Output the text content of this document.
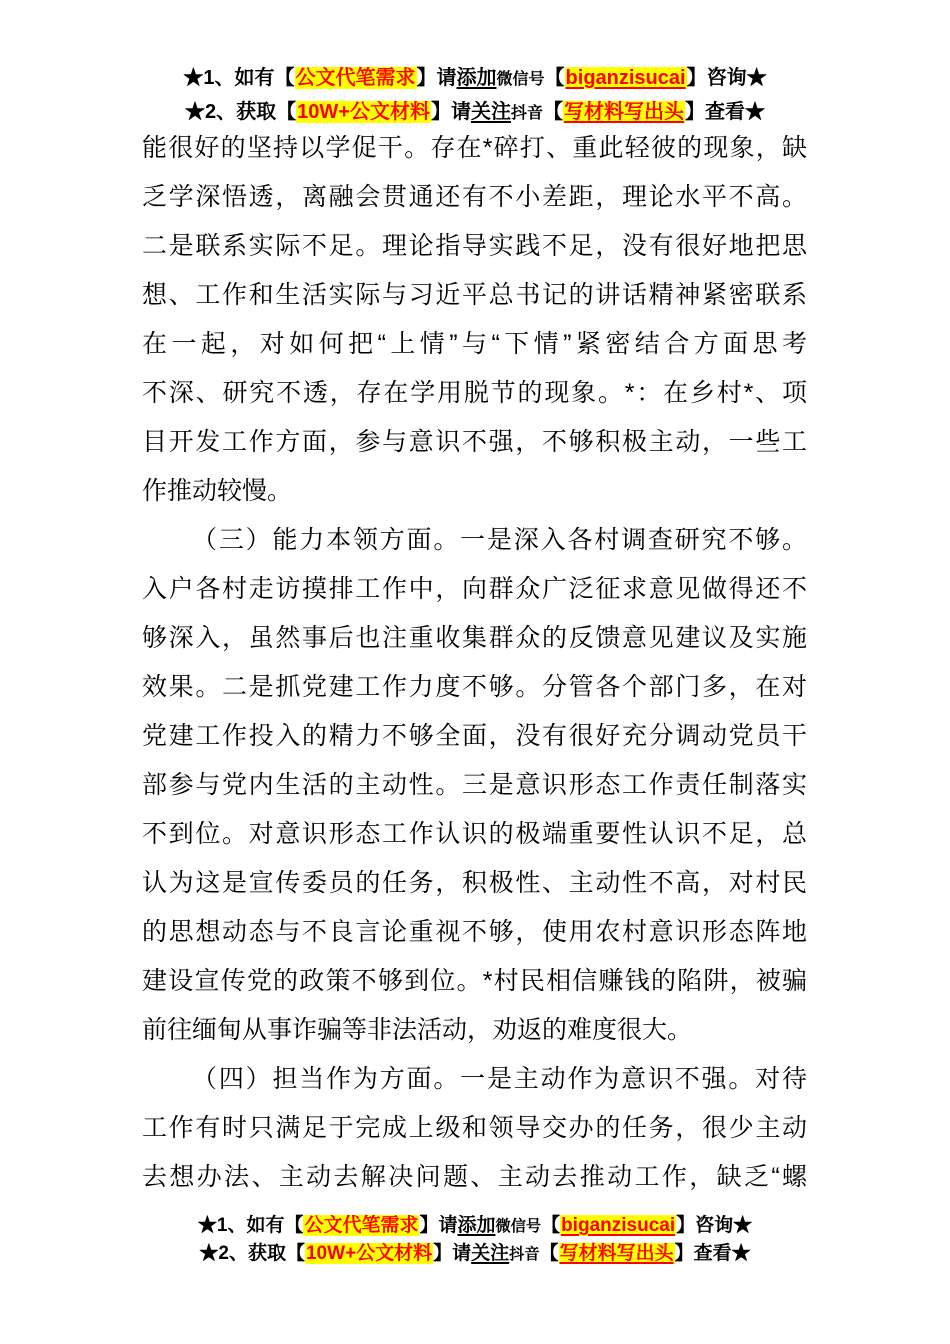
★1、如有【公文代笔需求】请添加微信号【biganzisucai】咨询★
★2、获取【10W+公文材料】请关注抖音【写材料写出头】查看★
能很好的坚持以学促干。存在*碎打、重此轻彼的现象，缺
乏学深悟透，离融会贯通还有不小差距，理论水平不高。
二是联系实际不足。理论指导实践不足，没有很好地把思
想、工作和生活实际与习近平总书记的讲话精神紧密联系
在一起，对如何把“上情”与“下情”紧密结合方面思考
不深、研究不透，存在学用脱节的现象。*：在乡村*、项
目开发工作方面，参与意识不强，不够积极主动，一些工
作推动较慢。
（三）能力本领方面。一是深入各村调查研究不够。
入户各村走访摸排工作中，向群众广泛征求意见做得还不
够深入，虽然事后也注重收集群众的反馈意见建议及实施
效果。二是抓党建工作力度不够。分管各个部门多，在对
党建工作投入的精力不够全面，没有很好充分调动党员干
部参与党内生活的主动性。三是意识形态工作责任制落实
不到位。对意识形态工作认识的极端重要性认识不足，总
认为这是宣传委员的任务，积极性、主动性不高，对村民
的思想动态与不良言论重视不够，使用农村意识形态阵地
建设宣传党的政策不够到位。*村民相信赚钱的陷阱，被骗
前往缅甸从事诈骗等非法活动，劝返的难度很大。
（四）担当作为方面。一是主动作为意识不强。对待
工作有时只满足于完成上级和领导交办的任务，很少主动
去想办法、主动去解决问题、主动去推动工作，缺乏“螺
★1、如有【公文代笔需求】请添加微信号【biganzisucai】咨询★
★2、获取【10W+公文材料】请关注抖音【写材料写出头】查看★
